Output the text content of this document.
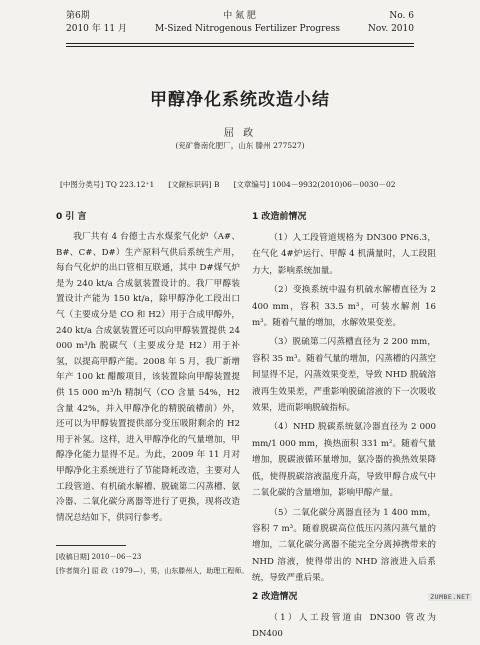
第6期	中 氮 肥	No. 6
2010 年 11 月	M-Sized Nitrogenous Fertilizer Progress	Nov. 2010
甲醇净化系统改造小结
屈 政
(兖矿鲁南化肥厂，山东 滕州 277527)
[中图分类号] TQ 223.12⁺1 [文献标识码] B [文章编号] 1004－9932(2010)06－0030－02
0 引 言

我厂共有 4 台德士古水煤浆气化炉（A#、B#、C#、D#）生产原料气供后系统生产用，每台气化炉的出口管相互联通，其中 D#煤气炉是为 240 kt/a 合成氨装置设计的。我厂甲醇装置设计产能为 150 kt/a，除甲醇净化工段出口气（主要成分是 CO 和 H2）用于合成甲醇外，240 kt/a 合成氨装置还可以向甲醇装置提供 24 000 m³/h 脱碳气（主要成分是 H2）用于补氢，以提高甲醇产能。2008 年 5 月，我厂新增年产 100 kt 醋酸项目，该装置除向甲醇装置提供 15 000 m³/h 精制气（CO 含量 54%，H2 含量 42%，并入甲醇净化的精脱硫槽前）外，还可以为甲醇装置提供部分变压吸附剩余的 H2 用于补氢。这样，进入甲醇净化的气量增加，甲醇净化能力显得不足。为此，2009 年 11 月对甲醇净化主系统进行了节能降耗改造，主要对人工段管道、有机硫水解槽、脱硫第二闪蒸槽、氨冷器、二氧化碳分离器等进行了更换，现将改造情况总结如下，供同行参考。

1 改造前情况

（1）人工段管道规格为 DN300 PN6.3，在气化 4#炉运行、甲醇 4 机满量时，人工段阻力大，影响系统加量。

（2）变换系统中温有机硫水解槽直径为 2 400 mm，容积 33.5 m³，可装水解剂 16 m³。随着气量的增加，水解效果变差。

（3）脱硫第二闪蒸槽直径为 2 200 mm，容积 35 m³。随着气量的增加，闪蒸槽的闪蒸空间显得不足，闪蒸效果变差，导致 NHD 脱硫溶液再生效果差，严重影响脱硫溶液的下一次吸收效果，进而影响脱硫指标。

（4）NHD 脱碳系统氨冷器直径为 2 000 mm/1 000 mm，换热面积 331 m²。随着气量增加，脱碳液循环量增加，氨冷器的换热效果降低，使得脱碳溶液温度升高，导致甲醇合成气中二氧化碳的含量增加，影响甲醇产量。

（5）二氧化碳分离器直径为 1 400 mm，容积 7 m³。随着脱碳高位低压闪蒸闪蒸气量的增加，二氧化碳分离器不能完全分离掉携带来的 NHD 溶液，使得带出的 NHD 溶液进入后系统，导致严重后果。

2 改造情况

（1）人工段管道由 DN300 管改为 DN400

[收稿日期] 2010－06－23
[作者简介] 屈 政（1979—），男，山东滕州人，助理工程师。
ZUMBE.NET
